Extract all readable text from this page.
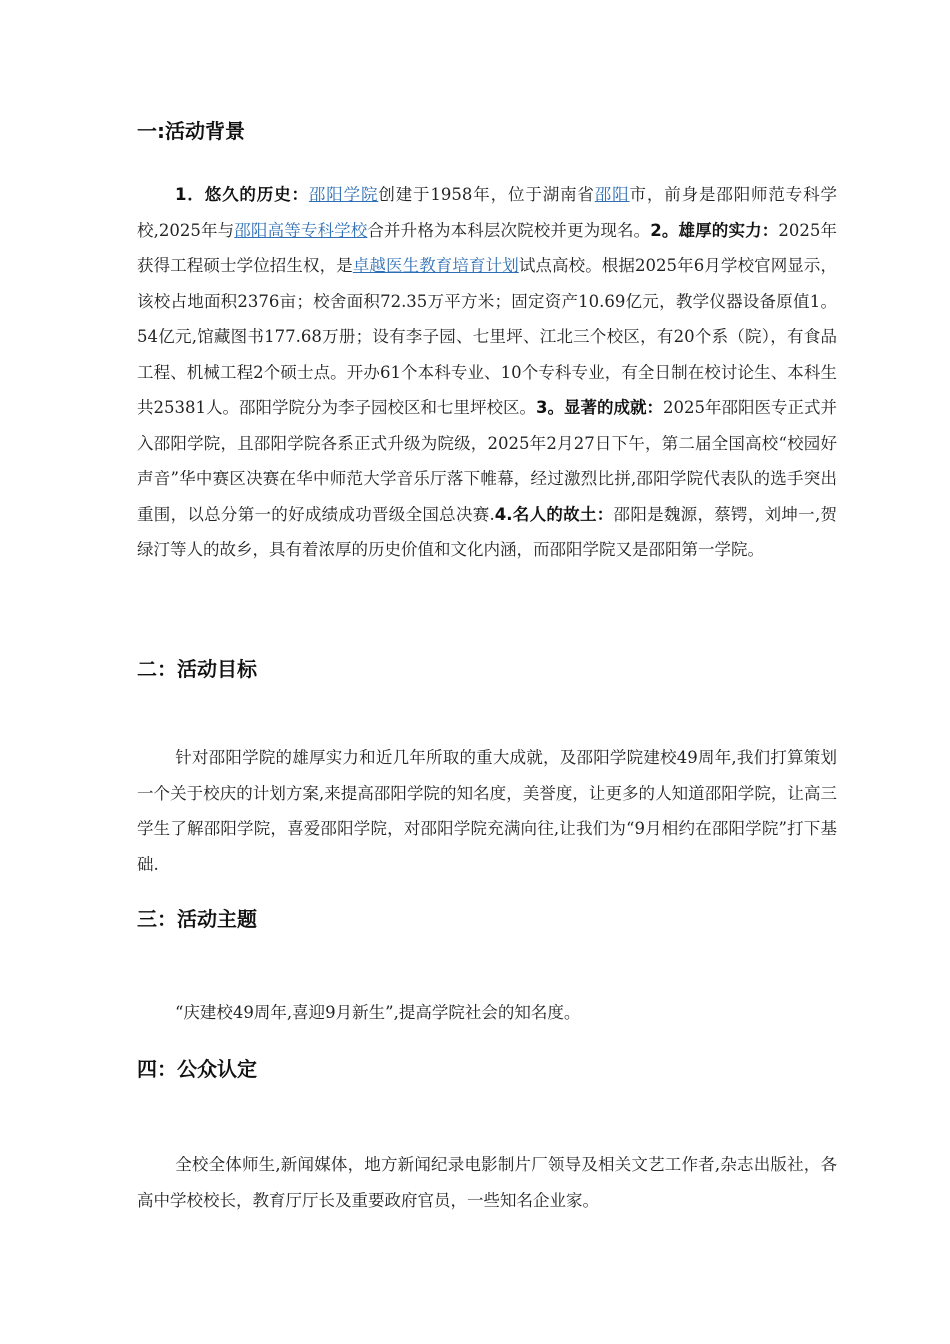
一:活动背景
1．悠久的历史：邵阳学院创建于1958年，位于湖南省邵阳市，前身是邵阳师范专科学校,2025年与邵阳高等专科学校合并升格为本科层次院校并更为现名。2。雄厚的实力：2025年获得工程硕士学位招生权，是卓越医生教育培育计划试点高校。根据2025年6月学校官网显示，该校占地面积2376亩；校舍面积72.35万平方米；固定资产10.69亿元，教学仪器设备原值1。54亿元,馆藏图书177.68万册；设有李子园、七里坪、江北三个校区，有20个系（院），有食品工程、机械工程2个硕士点。开办61个本科专业、10个专科专业，有全日制在校讨论生、本科生共25381人。邵阳学院分为李子园校区和七里坪校区。3。显著的成就：2025年邵阳医专正式并入邵阳学院，且邵阳学院各系正式升级为院级，2025年2月27日下午，第二届全国高校“校园好声音”华中赛区决赛在华中师范大学音乐厅落下帷幕，经过激烈比拼,邵阳学院代表队的选手突出重围，以总分第一的好成绩成功晋级全国总决赛.4.名人的故土：邵阳是魏源，蔡锷，刘坤一,贺绿汀等人的故乡，具有着浓厚的历史价值和文化内涵，而邵阳学院又是邵阳第一学院。
二：活动目标
针对邵阳学院的雄厚实力和近几年所取的重大成就，及邵阳学院建校49周年,我们打算策划一个关于校庆的计划方案,来提高邵阳学院的知名度，美誉度，让更多的人知道邵阳学院，让高三学生了解邵阳学院，喜爱邵阳学院，对邵阳学院充满向往,让我们为“9月相约在邵阳学院”打下基础.
三：活动主题
“庆建校49周年,喜迎9月新生”,提高学院社会的知名度。
四：公众认定
全校全体师生,新闻媒体，地方新闻纪录电影制片厂领导及相关文艺工作者,杂志出版社，各高中学校校长，教育厅厅长及重要政府官员，一些知名企业家。
